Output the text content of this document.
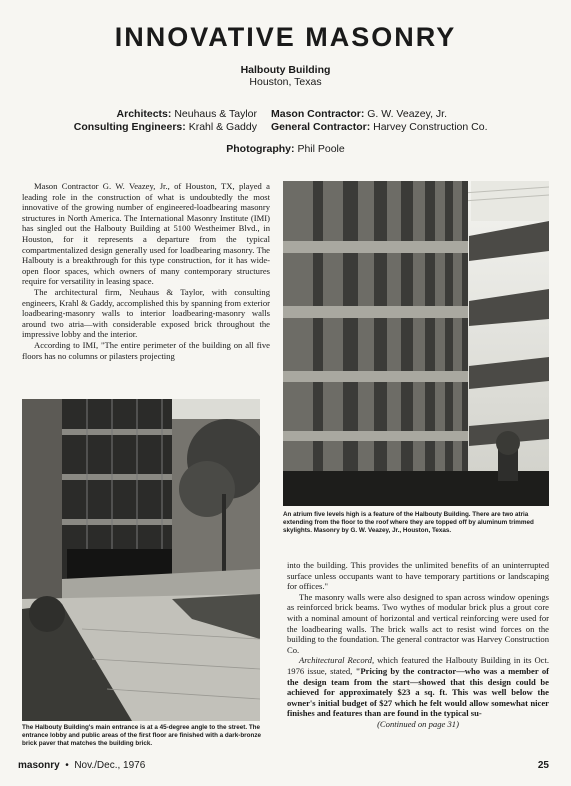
INNOVATIVE MASONRY
Halbouty Building
Houston, Texas
Architects: Neuhaus & Taylor
Consulting Engineers: Krahl & Gaddy
Mason Contractor: G. W. Veazey, Jr.
General Contractor: Harvey Construction Co.
Photography: Phil Poole

Mason Contractor G. W. Veazey, Jr., of Houston, TX, played a leading role in the construction of what is undoubtedly the most innovative of the growing number of engineered-loadbearing masonry structures in North America. The International Masonry Institute (IMI) has singled out the Halbouty Building at 5100 Westheimer Blvd., in Houston, for it represents a departure from the typical compartmentalized design generally used for loadbearing masonry. The Halbouty is a breakthrough for this type construction, for it has wide-open floor spaces, which owners of many contemporary structures require for versatility in leasing space.

The architectural firm, Neuhaus & Taylor, with consulting engineers, Krahl & Gaddy, accomplished this by spanning from exterior loadbearing-masonry walls to interior loadbearing-masonry walls around two atria—with considerable exposed brick throughout the impressive lobby and the interior.

According to IMI, "The entire perimeter of the building on all five floors has no columns or pilasters projecting

An atrium five levels high is a feature of the Halbouty Building. There are two atria extending from the floor to the roof where they are topped off by aluminum trimmed skylights. Masonry by G. W. Veazey, Jr., Houston, Texas.
The Halbouty Building's main entrance is at a 45-degree angle to the street. The entrance lobby and public areas of the first floor are finished with a dark-bronze brick paver that matches the building brick.

into the building. This provides the unlimited benefits of an uninterrupted surface unless occupants want to have temporary partitions or landscaping for offices."

The masonry walls were also designed to span across window openings as reinforced brick beams. Two wythes of modular brick plus a grout core with a nominal amount of horizontal and vertical reinforcing were used for the loadbearing walls. The brick walls act to resist wind forces on the building to the foundation. The general contractor was Harvey Construction Co.

Architectural Record, which featured the Halbouty Building in its Oct. 1976 issue, stated, "Pricing by the contractor—who was a member of the design team from the start—showed that this design could be achieved for approximately $23 a sq. ft. This was well below the owner's initial budget of $27 which he felt would allow somewhat nicer finishes and features than are found in the typical su-

(Continued on page 31)
masonry • Nov./Dec., 1976	25
